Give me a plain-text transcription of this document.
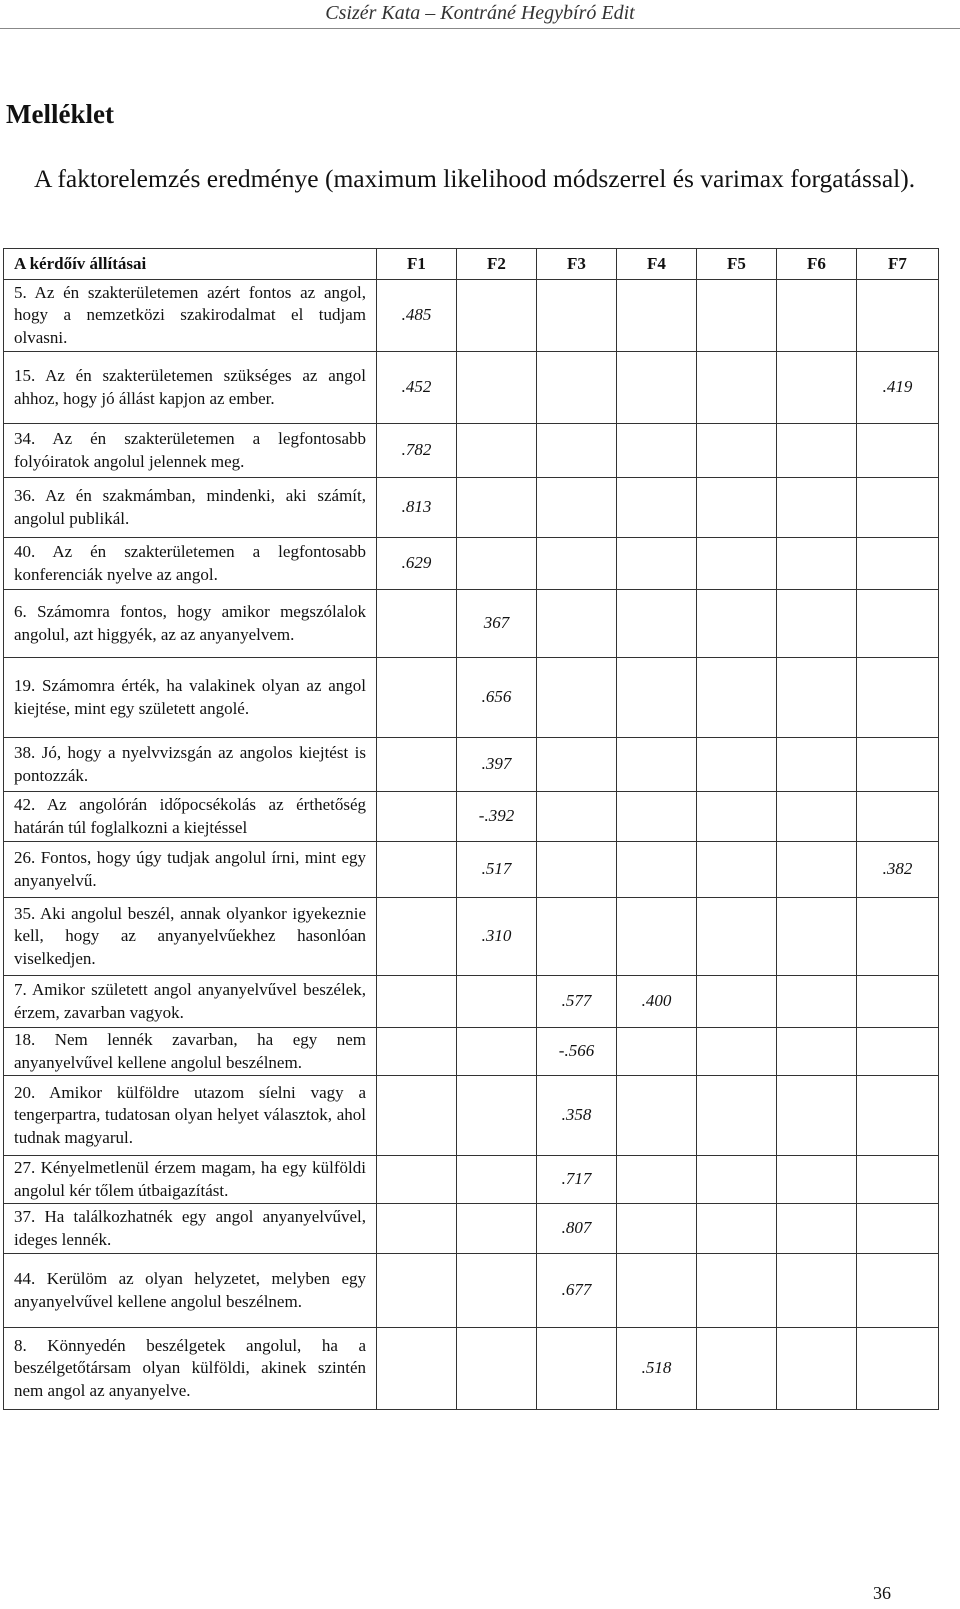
Csizér Kata – Kontráné Hegybíró Edit
Melléklet

A faktorelemzés eredménye (maximum likelihood módszerrel és varimax forgatással).

A kérdőív állításai	F1	F2	F3	F4	F5	F6	F7
5. Az én szakterületemen azért fontos az angol, hogy a nemzetközi szakirodalmat el tudjam olvasni.	.485						
15. Az én szakterületemen szükséges az angol ahhoz, hogy jó állást kapjon az ember.	.452						.419
34. Az én szakterületemen a legfontosabb folyóiratok angolul jelennek meg.	.782						
36. Az én szakmámban, mindenki, aki számít, angolul publikál.	.813						
40. Az én szakterületemen a legfontosabb konferenciák nyelve az angol.	.629						
6. Számomra fontos, hogy amikor megszólalok angolul, azt higgyék, az az anyanyelvem.		367					
19. Számomra érték, ha valakinek olyan az angol kiejtése, mint egy született angolé.		.656					
38. Jó, hogy a nyelvvizsgán az angolos kiejtést is pontozzák.		.397					
42. Az angolórán időpocsékolás az érthetőség határán túl foglalkozni a kiejtéssel		-.392					
26. Fontos, hogy úgy tudjak angolul írni, mint egy anyanyelvű.		.517					.382
35. Aki angolul beszél, annak olyankor igyekeznie kell, hogy az anyanyelvűekhez hasonlóan viselkedjen.		.310					
7. Amikor született angol anyanyelvűvel beszélek, érzem, zavarban vagyok.			.577	.400			
18. Nem lennék zavarban, ha egy nem anyanyelvűvel kellene angolul beszélnem.			-.566				
20. Amikor külföldre utazom síelni vagy a tengerpartra, tudatosan olyan helyet választok, ahol tudnak magyarul.			.358				
27. Kényelmetlenül érzem magam, ha egy külföldi angolul kér tőlem útbaigazítást.			.717				
37. Ha találkozhatnék egy angol anyanyelvűvel, ideges lennék.			.807				
44. Kerülöm az olyan helyzetet, melyben egy anyanyelvűvel kellene angolul beszélnem.			.677				
8. Könnyedén beszélgetek angolul, ha a beszélgetőtársam olyan külföldi, akinek szintén nem angol az anyanyelve.				.518			
36
